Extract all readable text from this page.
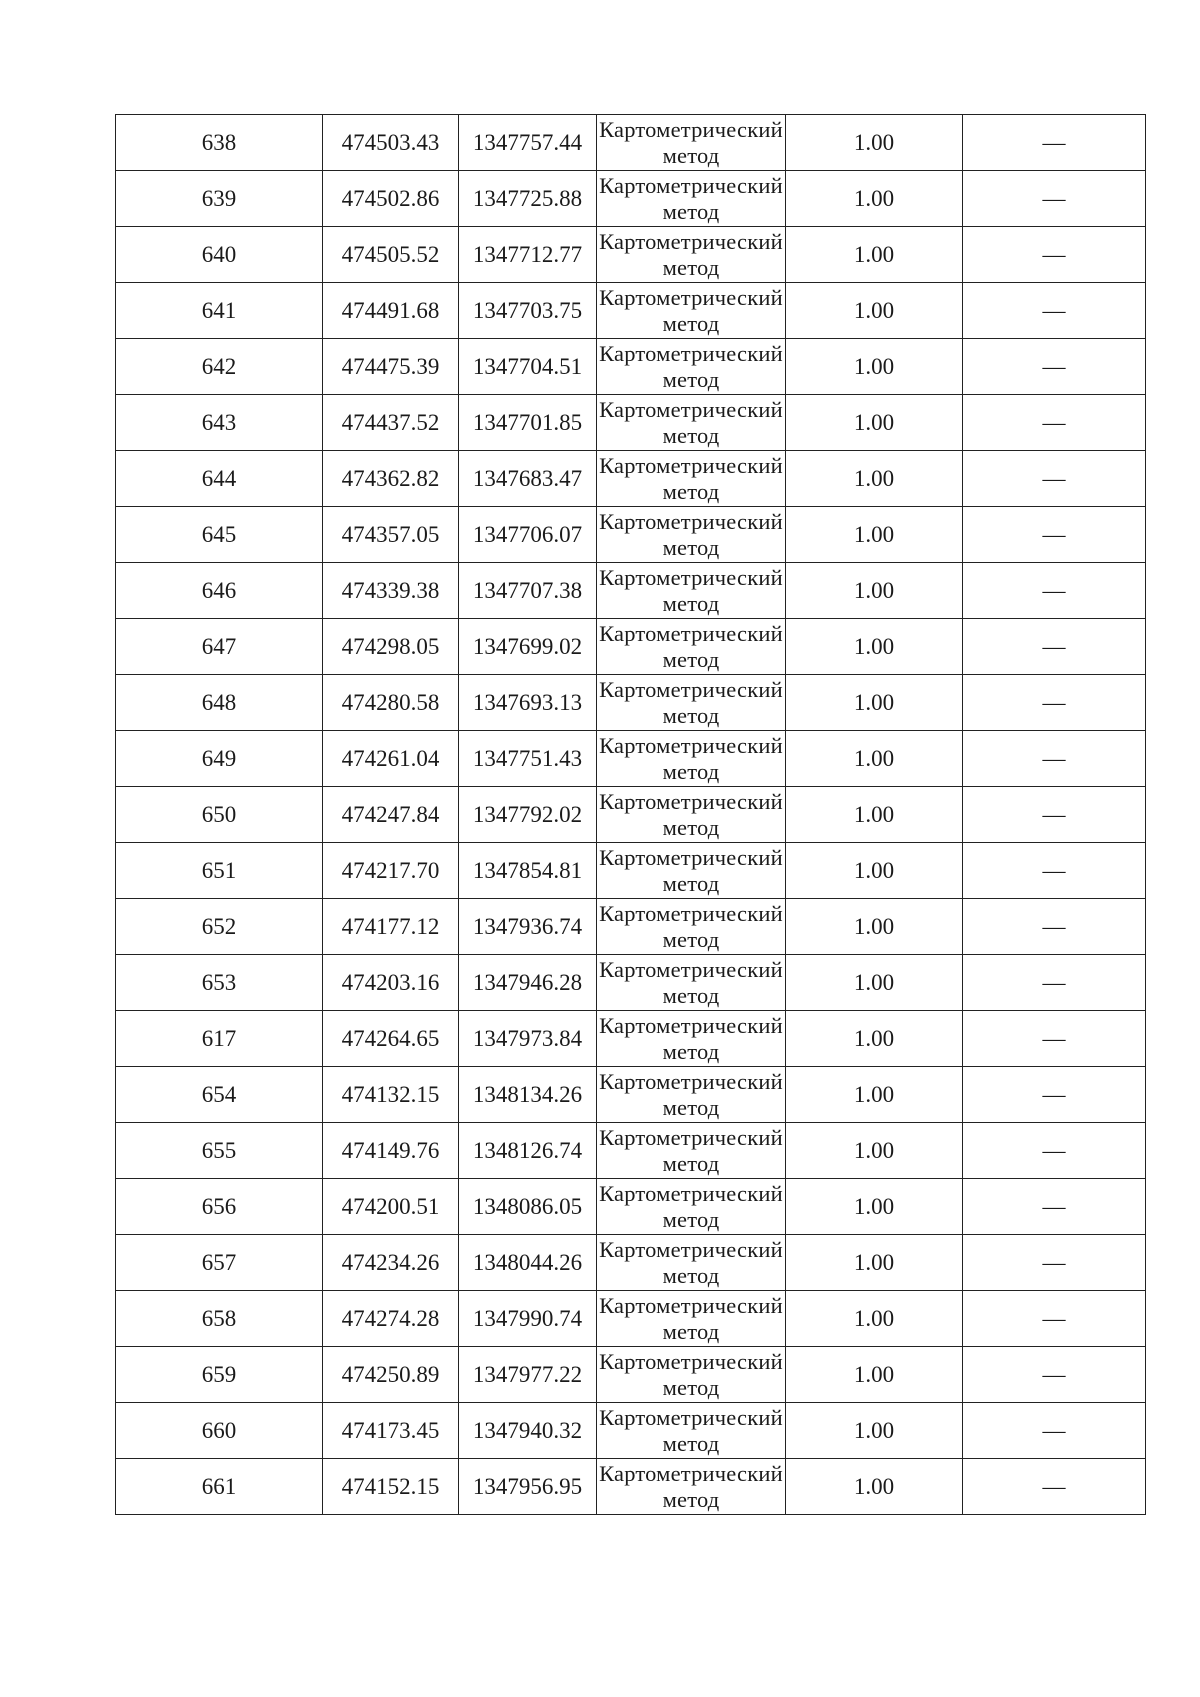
638	474503.43	1347757.44	Картометрический метод	1.00	—
639	474502.86	1347725.88	Картометрический метод	1.00	—
640	474505.52	1347712.77	Картометрический метод	1.00	—
641	474491.68	1347703.75	Картометрический метод	1.00	—
642	474475.39	1347704.51	Картометрический метод	1.00	—
643	474437.52	1347701.85	Картометрический метод	1.00	—
644	474362.82	1347683.47	Картометрический метод	1.00	—
645	474357.05	1347706.07	Картометрический метод	1.00	—
646	474339.38	1347707.38	Картометрический метод	1.00	—
647	474298.05	1347699.02	Картометрический метод	1.00	—
648	474280.58	1347693.13	Картометрический метод	1.00	—
649	474261.04	1347751.43	Картометрический метод	1.00	—
650	474247.84	1347792.02	Картометрический метод	1.00	—
651	474217.70	1347854.81	Картометрический метод	1.00	—
652	474177.12	1347936.74	Картометрический метод	1.00	—
653	474203.16	1347946.28	Картометрический метод	1.00	—
617	474264.65	1347973.84	Картометрический метод	1.00	—
654	474132.15	1348134.26	Картометрический метод	1.00	—
655	474149.76	1348126.74	Картометрический метод	1.00	—
656	474200.51	1348086.05	Картометрический метод	1.00	—
657	474234.26	1348044.26	Картометрический метод	1.00	—
658	474274.28	1347990.74	Картометрический метод	1.00	—
659	474250.89	1347977.22	Картометрический метод	1.00	—
660	474173.45	1347940.32	Картометрический метод	1.00	—
661	474152.15	1347956.95	Картометрический метод	1.00	—
